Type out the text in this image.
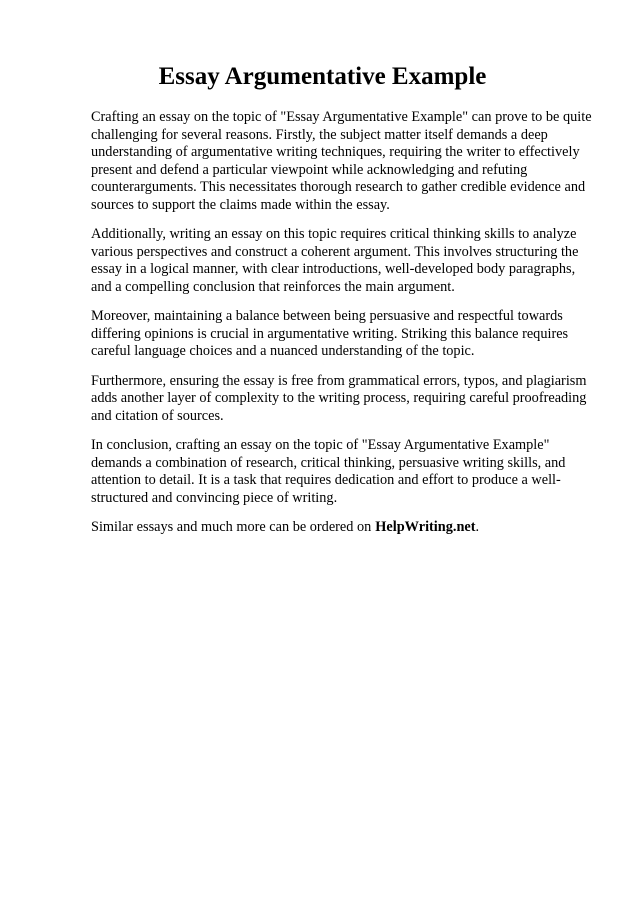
Essay Argumentative Example

Crafting an essay on the topic of "Essay Argumentative Example" can prove to be quite challenging for several reasons. Firstly, the subject matter itself demands a deep understanding of argumentative writing techniques, requiring the writer to effectively present and defend a particular viewpoint while acknowledging and refuting counterarguments. This necessitates thorough research to gather credible evidence and sources to support the claims made within the essay.

Additionally, writing an essay on this topic requires critical thinking skills to analyze various perspectives and construct a coherent argument. This involves structuring the essay in a logical manner, with clear introductions, well-developed body paragraphs, and a compelling conclusion that reinforces the main argument.

Moreover, maintaining a balance between being persuasive and respectful towards differing opinions is crucial in argumentative writing. Striking this balance requires careful language choices and a nuanced understanding of the topic.

Furthermore, ensuring the essay is free from grammatical errors, typos, and plagiarism adds another layer of complexity to the writing process, requiring careful proofreading and citation of sources.

In conclusion, crafting an essay on the topic of "Essay Argumentative Example" demands a combination of research, critical thinking, persuasive writing skills, and attention to detail. It is a task that requires dedication and effort to produce a well-structured and convincing piece of writing.

Similar essays and much more can be ordered on HelpWriting.net.
